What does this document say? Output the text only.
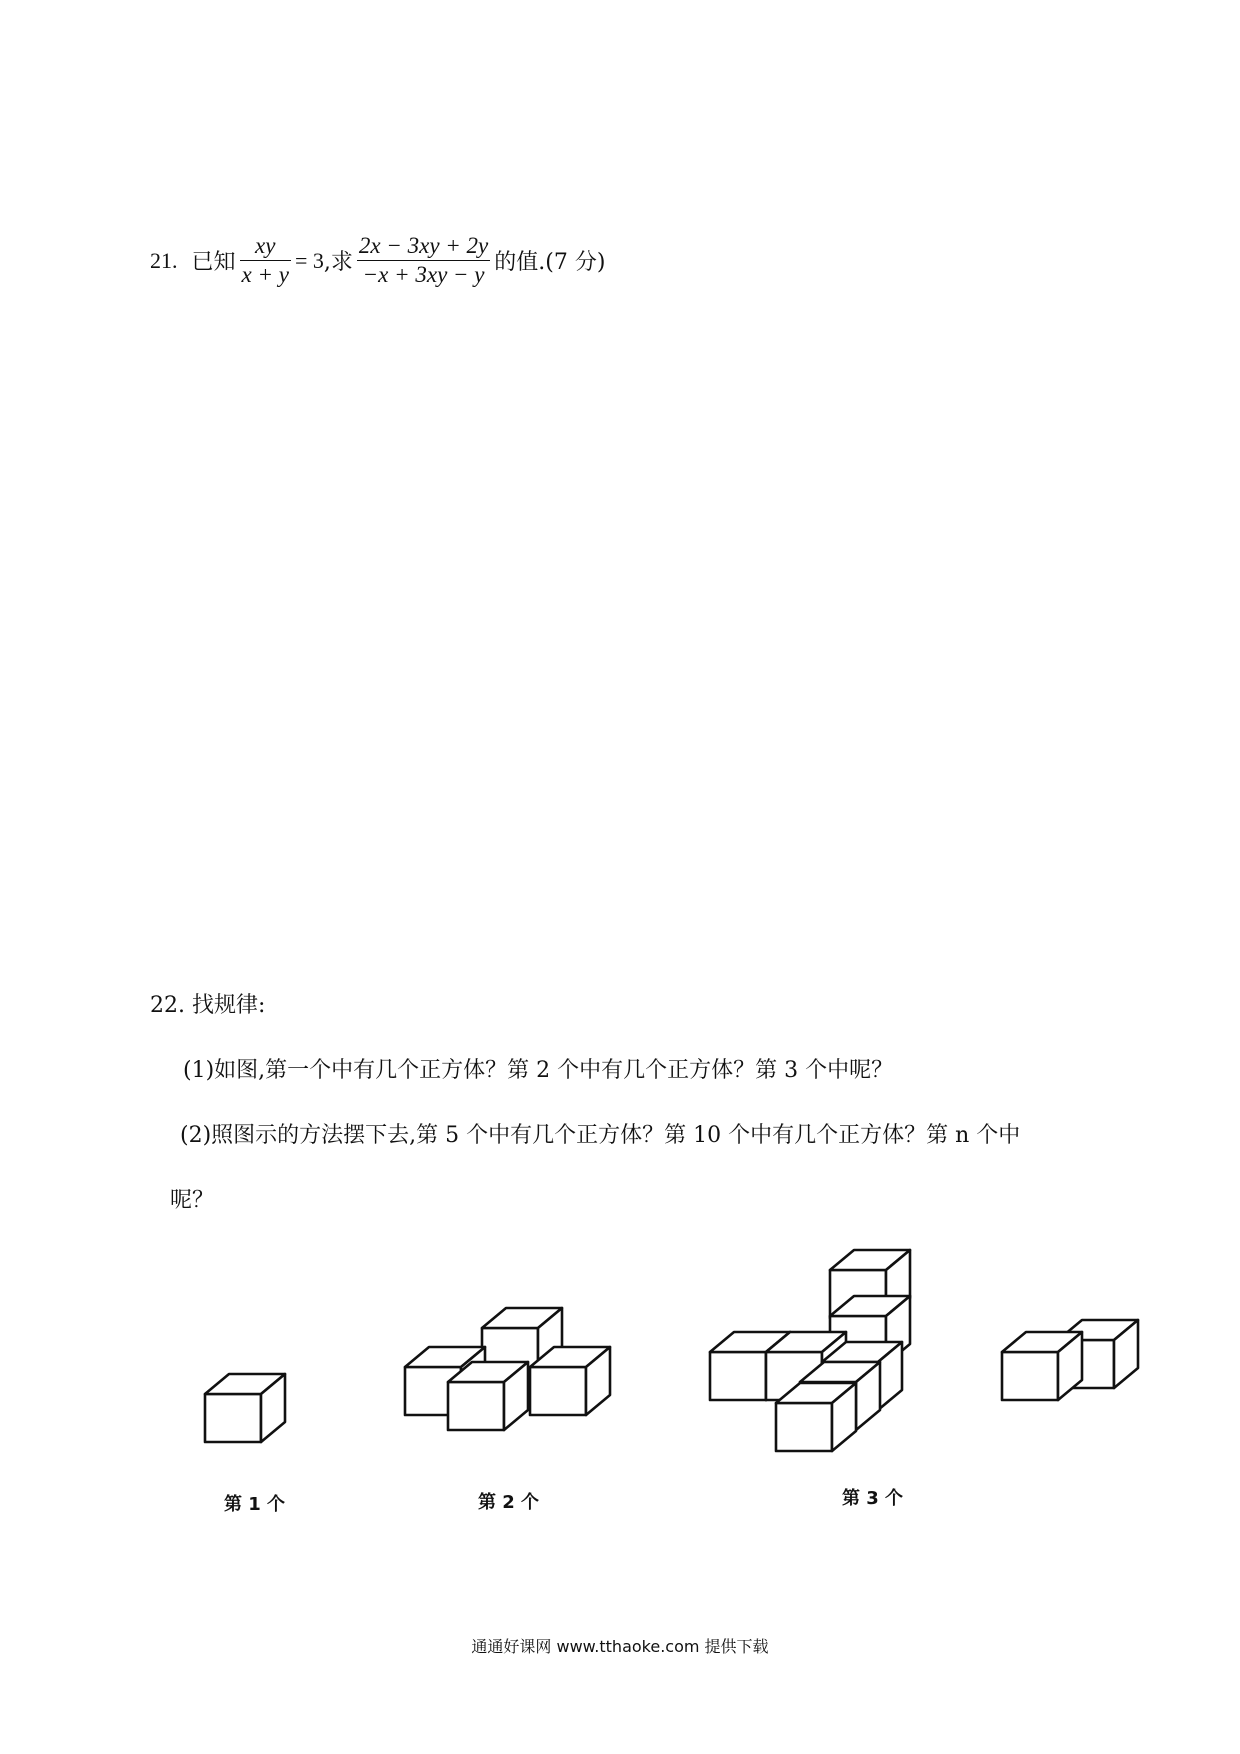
21. 已知 $\frac{xy}{x + y} = 3$ ,求 $\frac{2x - 3xy + 2y}{-x + 3xy - y}$ 的值.(7 分)
22. 找规律:
(1)如图,第一个中有几个正方体？第 2 个中有几个正方体？第 3 个中呢？
(2)照图示的方法摆下去,第 5 个中有几个正方体？第 10 个中有几个正方体？第 n 个中
呢？
第 1 个	第 2 个	第 3 个
通通好课网 www.tthaoke.com 提供下载
